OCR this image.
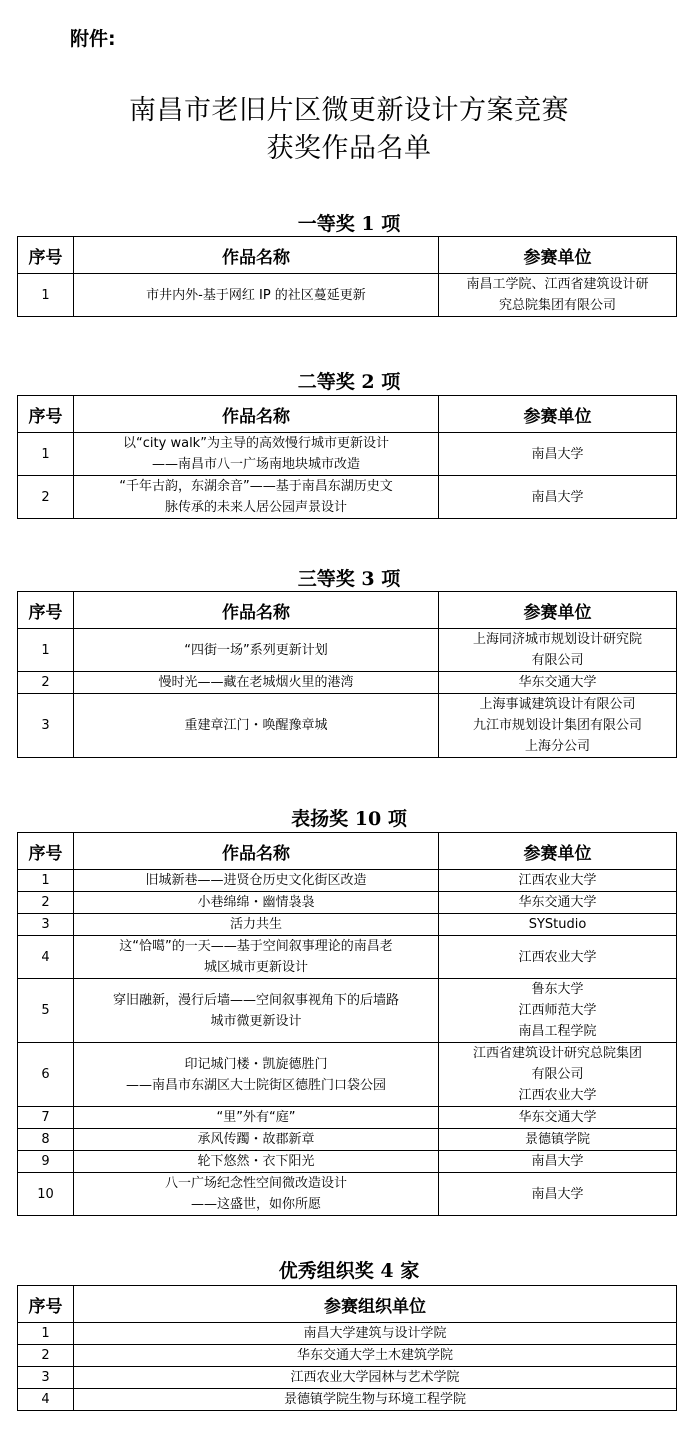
附件:
南昌市老旧片区微更新设计方案竞赛
获奖作品名单
一等奖 1 项
序号	作品名称	参赛单位
1	市井内外-基于网红 IP 的社区蔓延更新	南昌工学院、江西省建筑设计研
究总院集团有限公司
二等奖 2 项
序号	作品名称	参赛单位
1	以“city walk”为主导的高效慢行城市更新设计
——南昌市八一广场南地块城市改造	南昌大学

2	“千年古韵，东湖余音”——基于南昌东湖历史文
脉传承的未来人居公园声景设计	南昌大学
三等奖 3 项
序号	作品名称	参赛单位
1	“四街一场”系列更新计划	上海同济城市规划设计研究院
有限公司

2	慢时光——藏在老城烟火里的港湾	华东交通大学

3	重建章江门・唤醒豫章城	上海事诚建筑设计有限公司
九江市规划设计集团有限公司
上海分公司
表扬奖 10 项
序号	作品名称	参赛单位
1	旧城新巷——进贤仓历史文化街区改造	江西农业大学

2	小巷绵绵・幽情袅袅	华东交通大学

3	活力共生	SYStudio

4	这“恰噶”的一天——基于空间叙事理论的南昌老
城区城市更新设计	江西农业大学

5	穿旧融新，漫行后墙——空间叙事视角下的后墙路
城市微更新设计	鲁东大学
江西师范大学
南昌工程学院

6	印记城门楼・凯旋德胜门
——南昌市东湖区大士院街区德胜门口袋公园	江西省建筑设计研究总院集团
有限公司
江西农业大学

7	“里”外有“庭”	华东交通大学

8	承风传躅・故郡新章	景德镇学院

9	轮下悠然・衣下阳光	南昌大学

10	八一广场纪念性空间微改造设计
——这盛世，如你所愿	南昌大学
优秀组织奖 4 家
序号	参赛组织单位
1	南昌大学建筑与设计学院
2	华东交通大学土木建筑学院
3	江西农业大学园林与艺术学院
4	景德镇学院生物与环境工程学院
